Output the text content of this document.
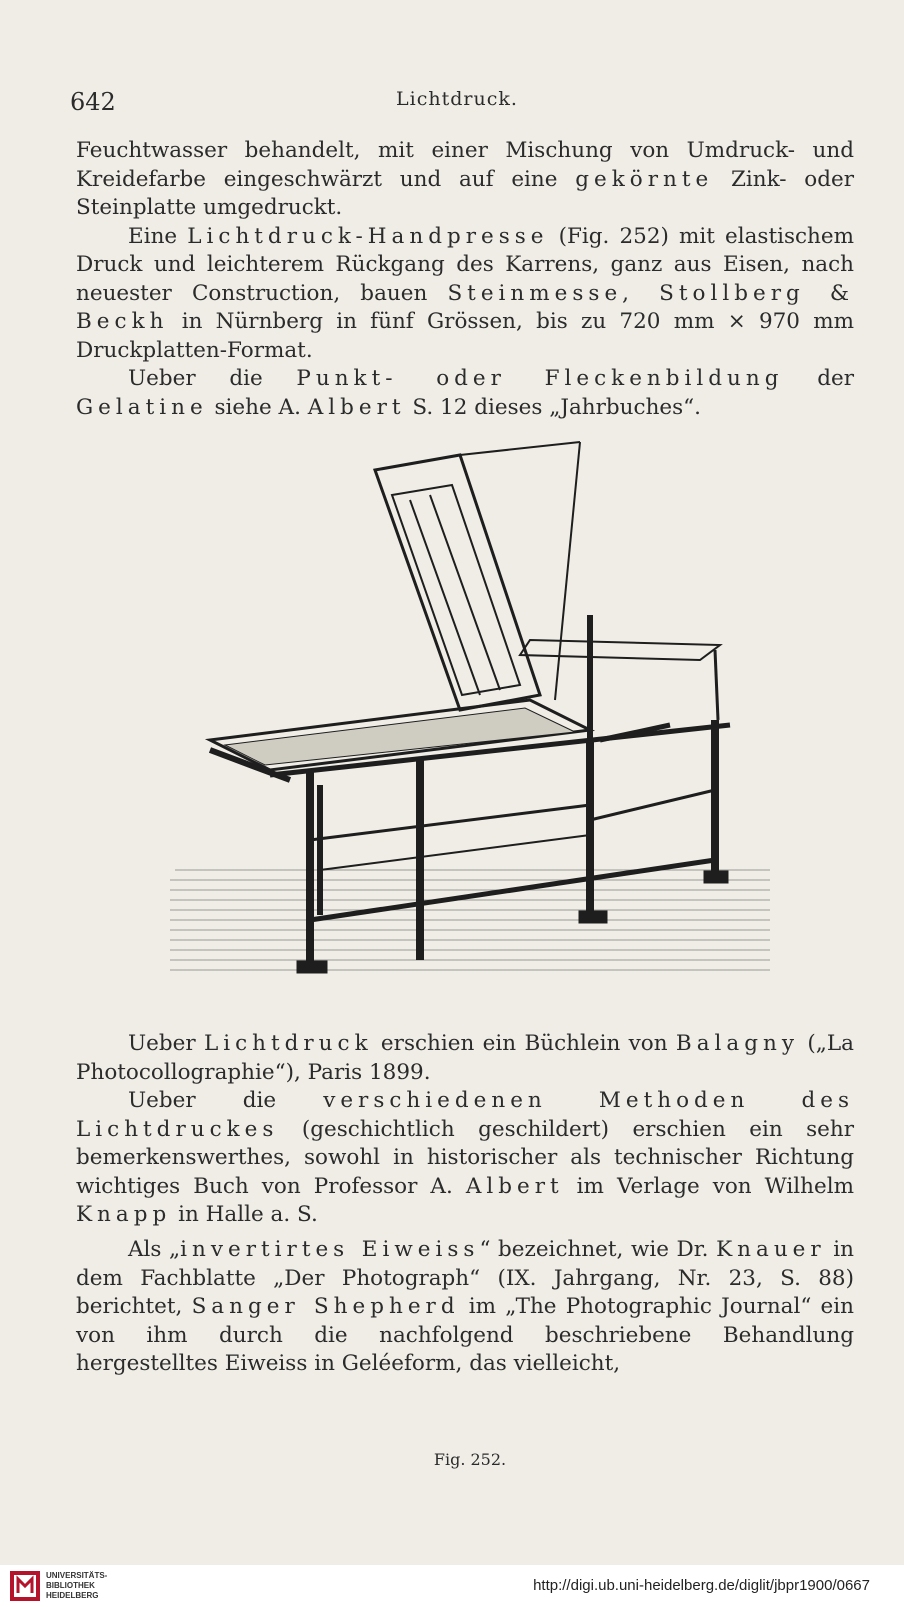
642	Lichtdruck.

Feuchtwasser behandelt, mit einer Mischung von Umdruck- und Kreidefarbe eingeschwärzt und auf eine gekörnte Zink- oder Steinplatte umgedruckt.

Eine Lichtdruck-Handpresse (Fig. 252) mit elastischem Druck und leichterem Rückgang des Karrens, ganz aus Eisen, nach neuester Construction, bauen Steinmesse, Stollberg & Beckh in Nürnberg in fünf Grössen, bis zu 720 mm × 970 mm Druckplatten-Format.

Ueber die Punkt- oder Fleckenbildung der Gelatine siehe A. Albert S. 12 dieses „Jahrbuches“.

Fig. 252.

Ueber Lichtdruck erschien ein Büchlein von Balagny („La Photocollographie“), Paris 1899.

Ueber die verschiedenen Methoden des Lichtdruckes (geschichtlich geschildert) erschien ein sehr bemerkenswerthes, sowohl in historischer als technischer Richtung wichtiges Buch von Professor A. Albert im Verlage von Wilhelm Knapp in Halle a. S.

Als „invertirtes Eiweiss“ bezeichnet, wie Dr. Knauer in dem Fachblatte „Der Photograph“ (IX. Jahrgang, Nr. 23, S. 88) berichtet, Sanger Shepherd im „The Photographic Journal“ ein von ihm durch die nachfolgend beschriebene Behandlung hergestelltes Eiweiss in Geléeform, das vielleicht,

UNIVERSITÄTS-
BIBLIOTHEK
HEIDELBERG
http://digi.ub.uni-heidelberg.de/diglit/jbpr1900/0667
